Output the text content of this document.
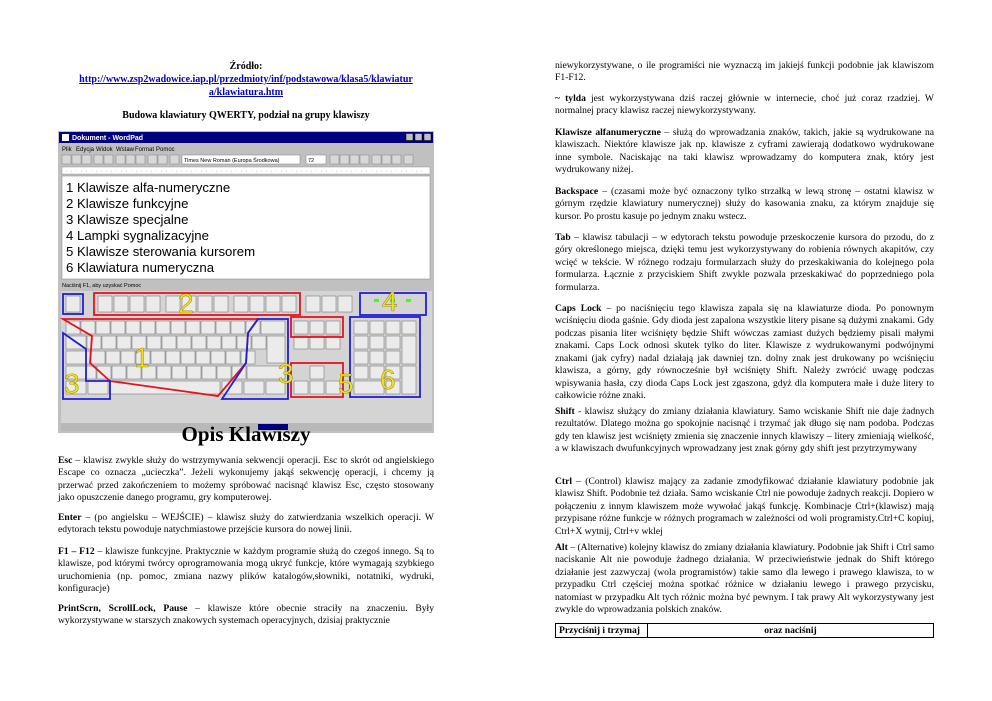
Źródło:
http://www.zsp2wadowice.iap.pl/przedmioty/inf/podstawowa/klasa5/klawiatur a/klawiatura.htm
Budowa klawiatury QWERTY, podział na grupy klawiszy
Dokument - WordPad
Plik Edycja Widok Wstaw Format Pomoc
Times New Roman (Europa Środkowa)	72
1 Klawisze alfa-numeryczne
2 Klawisze funkcyjne
3 Klawisze specjalne
4 Lampki sygnalizacyjne
5 Klawisze sterowania kursorem
6 Klawiatura numeryczna
Naciśnij F1, aby uzyskać Pomoc
2	4
1
3	3 5 6
Opis Klawiszy

Esc – klawisz zwykle służy do wstrzymywania sekwencji operacji. Esc to skrót od angielskiego Escape co oznacza „ucieczka”. Jeżeli wykonujemy jakąś sekwencję operacji, i chcemy ją przerwać przed zakończeniem to możemy spróbować nacisnąć klawisz Esc, często stosowany jako opuszczenie danego programu, gry komputerowej.

Enter – (po angielsku – WEJŚCIE) – klawisz służy do zatwierdzania wszelkich operacji. W edytorach tekstu powoduje natychmiastowe przejście kursora do nowej linii.

F1 – F12 – klawisze funkcyjne. Praktycznie w każdym programie służą do czegoś innego. Są to klawisze, pod którymi twórcy oprogramowania mogą ukryć funkcje, które wymagają szybkiego uruchomienia (np. pomoc, zmiana nazwy plików katalogów,słowniki, notatniki, wydruki, konfiguracje)

PrintScrn, ScrollLock, Pause – klawisze które obecnie straciły na znaczeniu. Były wykorzystywane w starszych znakowych systemach operacyjnych, dzisiaj praktycznie

niewykorzystywane, o ile programiści nie wyznaczą im jakiejś funkcji podobnie jak klawiszom F1-F12.

~ tylda jest wykorzystywana dziś raczej głównie w internecie, choć już coraz rzadziej. W normalnej pracy klawisz raczej niewykorzystywany.

Klawisze alfanumeryczne – służą do wprowadzania znaków, takich, jakie są wydrukowane na klawiszach. Niektóre klawisze jak np. klawisze z cyframi zawierają dodatkowo wydrukowane inne symbole. Naciskając na taki klawisz wprowadzamy do komputera znak, który jest wydrukowany niżej.

Backspace – (czasami może być oznaczony tylko strzałką w lewą stronę – ostatni klawisz w górnym rzędzie klawiatury numerycznej) służy do kasowania znaku, za którym znajduje się kursor. Po prostu kasuje po jednym znaku wstecz.

Tab – klawisz tabulacji – w edytorach tekstu powoduje przeskoczenie kursora do przodu, do z góry określonego miejsca, dzięki temu jest wykorzystywany do robienia równych akapitów, czy wcięć w tekście. W różnego rodzaju formularzach służy do przeskakiwania do kolejnego pola formularza. Łącznie z przyciskiem Shift zwykle pozwala przeskakiwać do poprzedniego pola formularza.

Caps Lock – po naciśnięciu tego klawisza zapala się na klawiaturze dioda. Po ponownym wciśnięciu dioda gaśnie. Gdy dioda jest zapalona wszystkie litery pisane są dużymi znakami. Gdy podczas pisania liter wciśnięty będzie Shift wówczas zamiast dużych będziemy pisali małymi znakami. Caps Lock odnosi skutek tylko do liter. Klawisze z wydrukowanymi podwójnymi znakami (jak cyfry) nadal działają jak dawniej tzn. dolny znak jest drukowany po wciśnięciu klawisza, a górny, gdy równocześnie był wciśnięty Shift. Należy zwrócić uwagę podczas wpisywania hasła, czy dioda Caps Lock jest zgaszona, gdyż dla komputera małe i duże litery to całkowicie różne znaki.

Shift - klawisz służący do zmiany działania klawiatury. Samo wciskanie Shift nie daje żadnych rezultatów. Dlatego można go spokojnie nacisnąć i trzymać jak długo się nam podoba. Podczas gdy ten klawisz jest wciśnięty zmienia się znaczenie innych klawiszy – litery zmieniają wielkość, a w klawiszach dwufunkcyjnych wprowadzany jest znak górny gdy shift jest przytrzymywany

Ctrl – (Control) klawisz mający za zadanie zmodyfikować działanie klawiatury podobnie jak klawisz Shift. Podobnie też działa. Samo wciskanie Ctrl nie powoduje żadnych reakcji. Dopiero w połączeniu z innym klawiszem może wywołać jakąś funkcję. Kombinacje Ctrl+(klawisz) mają przypisane różne funkcje w różnych programach w zależności od woli programisty.Ctrl+C kopiuj, Ctrl+X wytnij, Ctrl+v wklej

Alt – (Alternative) kolejny klawisz do zmiany działania klawiatury. Podobnie jak Shift i Ctrl samo naciskanie Alt nie powoduje żadnego działania. W przeciwieństwie jednak do Shift którego działanie jest zazwyczaj (wola programistów) takie samo dla lewego i prawego klawisza, to w przypadku Ctrl częściej można spotkać różnice w działaniu lewego i prawego przycisku, natomiast w przypadku Alt tych różnic można być pewnym. I tak prawy Alt wykorzystywany jest zwykle do wprowadzania polskich znaków.

Przyciśnij i trzymaj	oraz naciśnij
